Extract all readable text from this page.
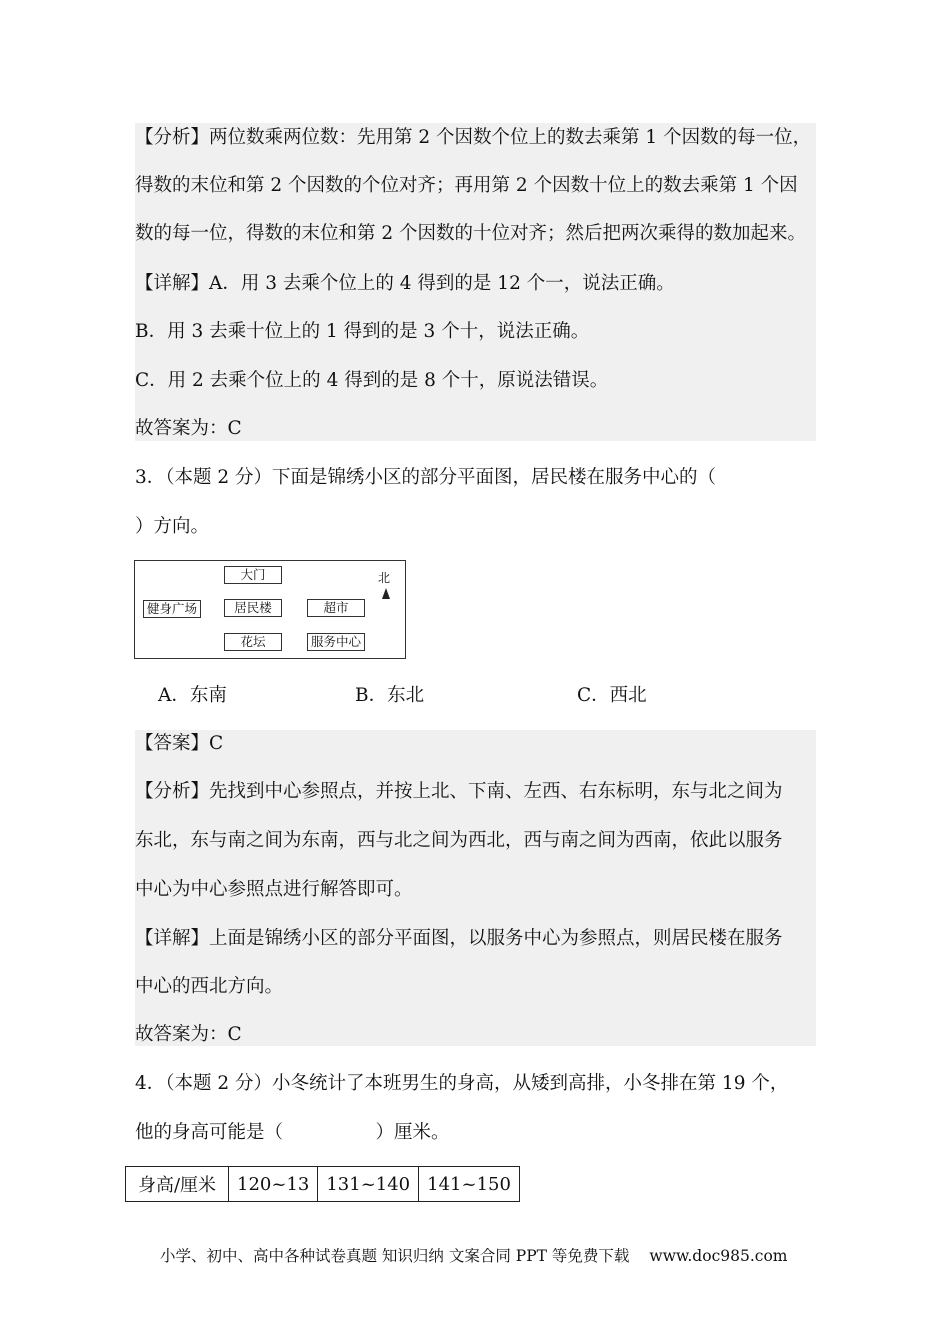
【分析】两位数乘两位数：先用第 2 个因数个位上的数去乘第 1 个因数的每一位，
得数的末位和第 2 个因数的个位对齐；再用第 2 个因数十位上的数去乘第 1 个因
数的每一位，得数的末位和第 2 个因数的十位对齐；然后把两次乘得的数加起来。
【详解】A．用 3 去乘个位上的 4 得到的是 12 个一，说法正确。
B．用 3 去乘十位上的 1 得到的是 3 个十，说法正确。
C．用 2 去乘个位上的 4 得到的是 8 个十，原说法错误。
故答案为：C
3．（本题 2 分）下面是锦绣小区的部分平面图，居民楼在服务中心的（
）方向。
大门
健身广场	居民楼	超市
花坛	服务中心
北
A．东南	B．东北	C．西北
【答案】C
【分析】先找到中心参照点，并按上北、下南、左西、右东标明，东与北之间为
东北，东与南之间为东南，西与北之间为西北，西与南之间为西南，依此以服务
中心为中心参照点进行解答即可。
【详解】上面是锦绣小区的部分平面图，以服务中心为参照点，则居民楼在服务
中心的西北方向。
故答案为：C
4．（本题 2 分）小冬统计了本班男生的身高，从矮到高排，小冬排在第 19 个，
他的身高可能是（　　　　　）厘米。
身高/厘米	120~13	131~140	141~150
小学、初中、高中各种试卷真题 知识归纳 文案合同 PPT 等免费下载 www.doc985.com
